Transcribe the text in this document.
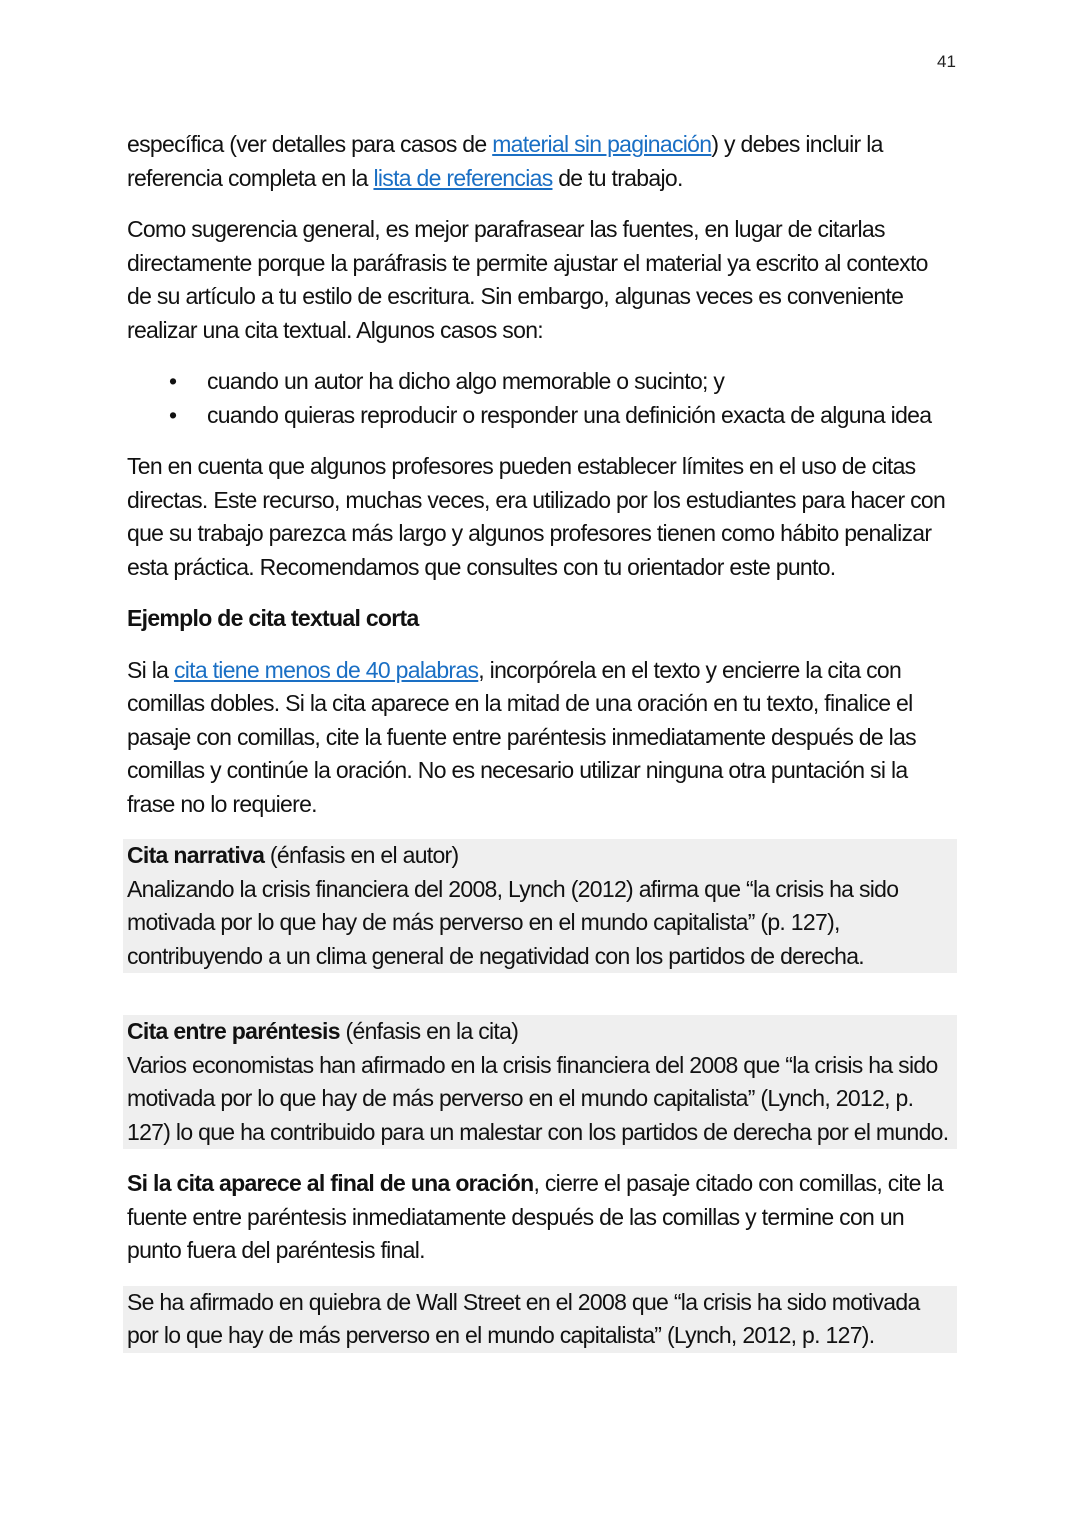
41

específica (ver detalles para casos de material sin paginación) y debes incluir la referencia completa en la lista de referencias de tu trabajo.

Como sugerencia general, es mejor parafrasear las fuentes, en lugar de citarlas directamente porque la paráfrasis te permite ajustar el material ya escrito al contexto de su artículo a tu estilo de escritura. Sin embargo, algunas veces es conveniente realizar una cita textual. Algunos casos son:

• cuando un autor ha dicho algo memorable o sucinto; y
• cuando quieras reproducir o responder una definición exacta de alguna idea

Ten en cuenta que algunos profesores pueden establecer límites en el uso de citas directas. Este recurso, muchas veces, era utilizado por los estudiantes para hacer con que su trabajo parezca más largo y algunos profesores tienen como hábito penalizar esta práctica. Recomendamos que consultes con tu orientador este punto.

Ejemplo de cita textual corta

Si la cita tiene menos de 40 palabras, incorpórela en el texto y encierre la cita con comillas dobles. Si la cita aparece en la mitad de una oración en tu texto, finalice el pasaje con comillas, cite la fuente entre paréntesis inmediatamente después de las comillas y continúe la oración. No es necesario utilizar ninguna otra puntación si la frase no lo requiere.

Cita narrativa (énfasis en el autor)
Analizando la crisis financiera del 2008, Lynch (2012) afirma que “la crisis ha sido motivada por lo que hay de más perverso en el mundo capitalista” (p. 127), contribuyendo a un clima general de negatividad con los partidos de derecha.
Cita entre paréntesis (énfasis en la cita)
Varios economistas han afirmado en la crisis financiera del 2008 que “la crisis ha sido motivada por lo que hay de más perverso en el mundo capitalista” (Lynch, 2012, p. 127) lo que ha contribuido para un malestar con los partidos de derecha por el mundo.

Si la cita aparece al final de una oración, cierre el pasaje citado con comillas, cite la fuente entre paréntesis inmediatamente después de las comillas y termine con un punto fuera del paréntesis final.

Se ha afirmado en quiebra de Wall Street en el 2008 que “la crisis ha sido motivada por lo que hay de más perverso en el mundo capitalista” (Lynch, 2012, p. 127).
